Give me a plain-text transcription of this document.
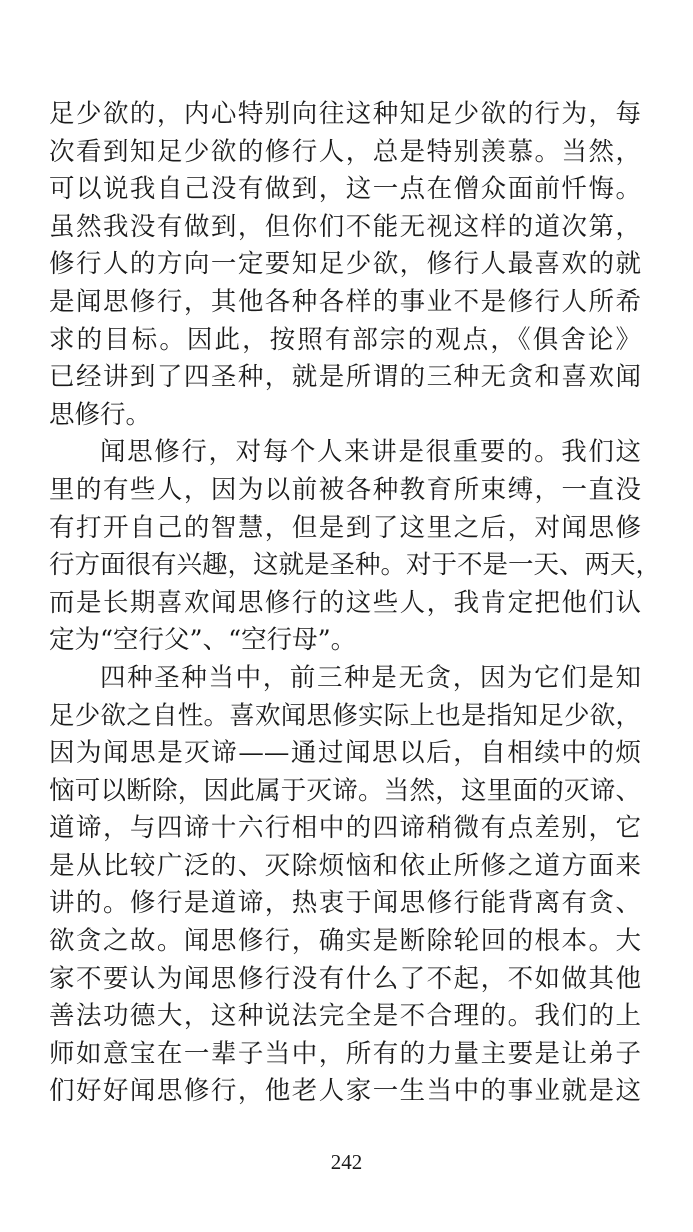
足少欲的，内心特别向往这种知足少欲的行为，每
次看到知足少欲的修行人，总是特别羡慕。当然，
可以说我自己没有做到，这一点在僧众面前忏悔。
虽然我没有做到，但你们不能无视这样的道次第，
修行人的方向一定要知足少欲，修行人最喜欢的就
是闻思修行，其他各种各样的事业不是修行人所希
求的目标。因此，按照有部宗的观点，《俱舍论》
已经讲到了四圣种，就是所谓的三种无贪和喜欢闻
思修行。
闻思修行，对每个人来讲是很重要的。我们这
里的有些人，因为以前被各种教育所束缚，一直没
有打开自己的智慧，但是到了这里之后，对闻思修
行方面很有兴趣，这就是圣种。对于不是一天、两天，
而是长期喜欢闻思修行的这些人，我肯定把他们认
定为“空行父”、“空行母”。
四种圣种当中，前三种是无贪，因为它们是知
足少欲之自性。喜欢闻思修实际上也是指知足少欲，
因为闻思是灭谛——通过闻思以后，自相续中的烦
恼可以断除，因此属于灭谛。当然，这里面的灭谛、
道谛，与四谛十六行相中的四谛稍微有点差别，它
是从比较广泛的、灭除烦恼和依止所修之道方面来
讲的。修行是道谛，热衷于闻思修行能背离有贪、
欲贪之故。闻思修行，确实是断除轮回的根本。大
家不要认为闻思修行没有什么了不起，不如做其他
善法功德大，这种说法完全是不合理的。我们的上
师如意宝在一辈子当中，所有的力量主要是让弟子
们好好闻思修行，他老人家一生当中的事业就是这
242
